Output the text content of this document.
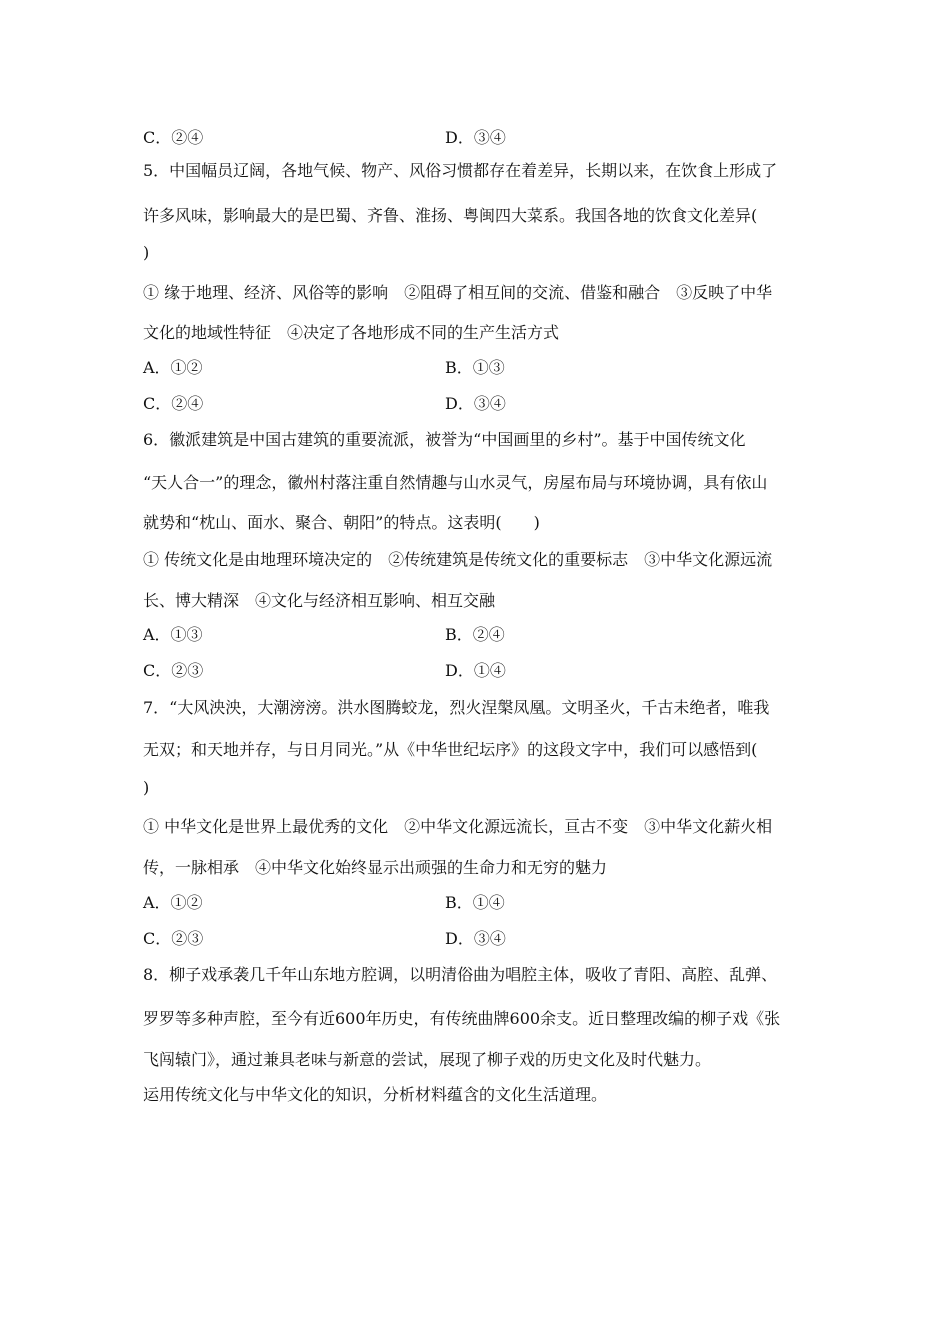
C．②④	D．③④
5．中国幅员辽阔，各地气候、物产、风俗习惯都存在着差异，长期以来，在饮食上形成了
许多风味，影响最大的是巴蜀、齐鲁、淮扬、粤闽四大菜系。我国各地的饮食文化差异(
)
① 缘于地理、经济、风俗等的影响　②阻碍了相互间的交流、借鉴和融合　③反映了中华
文化的地域性特征　④决定了各地形成不同的生产生活方式
A．①②	B．①③
C．②④	D．③④
6．徽派建筑是中国古建筑的重要流派，被誉为“中国画里的乡村”。基于中国传统文化
“天人合一”的理念，徽州村落注重自然情趣与山水灵气，房屋布局与环境协调，具有依山
就势和“枕山、面水、聚合、朝阳”的特点。这表明(　　)
① 传统文化是由地理环境决定的　②传统建筑是传统文化的重要标志　③中华文化源远流
长、博大精深　④文化与经济相互影响、相互交融
A．①③	B．②④
C．②③	D．①④
7．“大风泱泱，大潮滂滂。洪水图腾蛟龙，烈火涅槃凤凰。文明圣火，千古未绝者，唯我
无双；和天地并存，与日月同光。”从《中华世纪坛序》的这段文字中，我们可以感悟到(
)
① 中华文化是世界上最优秀的文化　②中华文化源远流长，亘古不变　③中华文化薪火相
传，一脉相承　④中华文化始终显示出顽强的生命力和无穷的魅力
A．①②	B．①④
C．②③	D．③④
8．柳子戏承袭几千年山东地方腔调，以明清俗曲为唱腔主体，吸收了青阳、高腔、乱弹、
罗罗等多种声腔，至今有近600年历史，有传统曲牌600余支。近日整理改编的柳子戏《张
飞闯辕门》，通过兼具老味与新意的尝试，展现了柳子戏的历史文化及时代魅力。
运用传统文化与中华文化的知识，分析材料蕴含的文化生活道理。
